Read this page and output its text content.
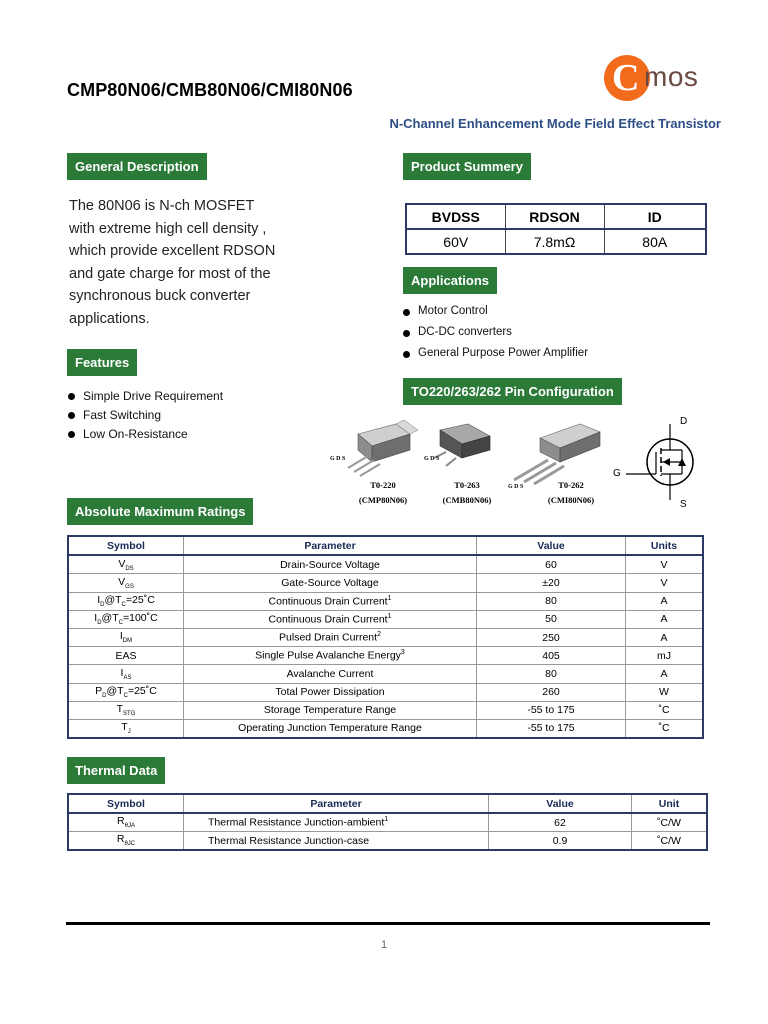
CMP80N06/CMB80N06/CMI80N06	C mos
N-Channel Enhancement Mode Field Effect Transistor
General Description
The 80N06 is N-ch MOSFET
with extreme high cell density ,
which provide excellent RDSON
and gate charge for most of the
synchronous buck converter
applications.
Features
Simple Drive Requirement
Fast Switching
Low On-Resistance
Product Summery
BVDSS	RDSON	ID
60V	7.8mΩ	80A
Applications
Motor Control
DC-DC converters
General Purpose Power Amplifier
TO220/263/262 Pin Configuration
T0-220
(CMP80N06)
T0-263
(CMB80N06)
T0-262
(CMI80N06)
G D S	G D S
G D S
D
G
S
Absolute Maximum Ratings
Symbol	Parameter	Value	Units
$V_{DS}$	Drain-Source Voltage	60	V
$V_{GS}$	Gate-Source Voltage	±20	V
$I_D@T_C=25˚C$	Continuous Drain Current$^1$	80	A
$I_D@T_C=100˚C$	Continuous Drain Current$^1$	50	A
$I_{DM}$	Pulsed Drain Current$^2$	250	A
EAS	Single Pulse Avalanche Energy$^3$	405	mJ
$I_{AS}$	Avalanche Current	80	A
$P_D@T_C=25˚C$	Total Power Dissipation	260	W
$T_{STG}$	Storage Temperature Range	-55 to 175	˚C
$T_J$	Operating Junction Temperature Range	-55 to 175	˚C
Thermal Data
Symbol	Parameter	Value	Unit
$R_{\theta JA}$	Thermal Resistance Junction-ambient$^1$	62	˚C/W
$R_{\theta JC}$	Thermal Resistance Junction-case	0.9	˚C/W
1
